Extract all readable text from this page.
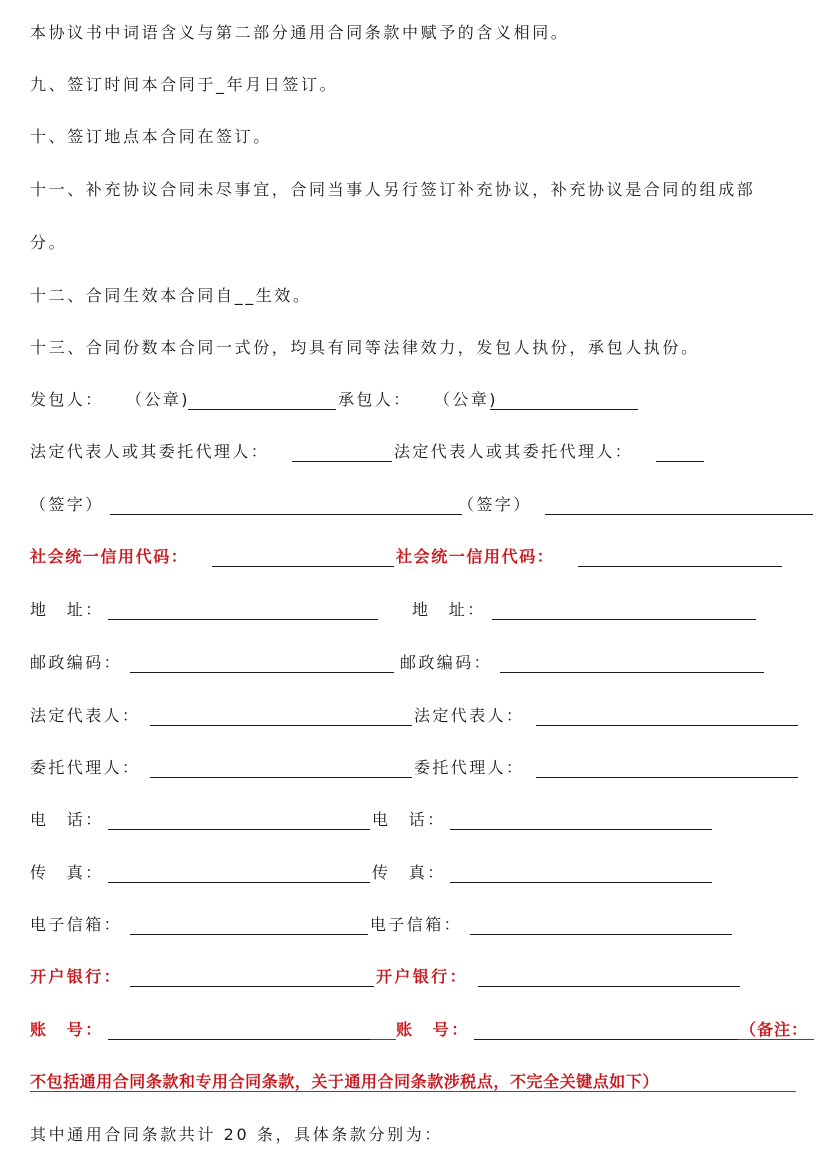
本协议书中词语含义与第二部分通用合同条款中赋予的含义相同。
九、签订时间本合同于_年月日签订。
十、签订地点本合同在签订。
十一、补充协议合同未尽事宜，合同当事人另行签订补充协议，补充协议是合同的组成部
分。
十二、合同生效本合同自__生效。
十三、合同份数本合同一式份，均具有同等法律效力，发包人执份，承包人执份。
发包人： （公章)	承包人： （公章)
法定代表人或其委托代理人：	法定代表人或其委托代理人：
（签字）	（签字）
社会统一信用代码：	社会统一信用代码：
地　址：	地　址：
邮政编码：	邮政编码：
法定代表人：	法定代表人：
委托代理人：	委托代理人：
电　话：	电　话：
传　真：	传　真：
电子信箱：	电子信箱：
开户银行：	开户银行：
账　号：	账　号：	（备注：
不包括通用合同条款和专用合同条款，关于通用合同条款涉税点，不完全关键点如下）
其中通用合同条款共计 20 条，具体条款分别为：
